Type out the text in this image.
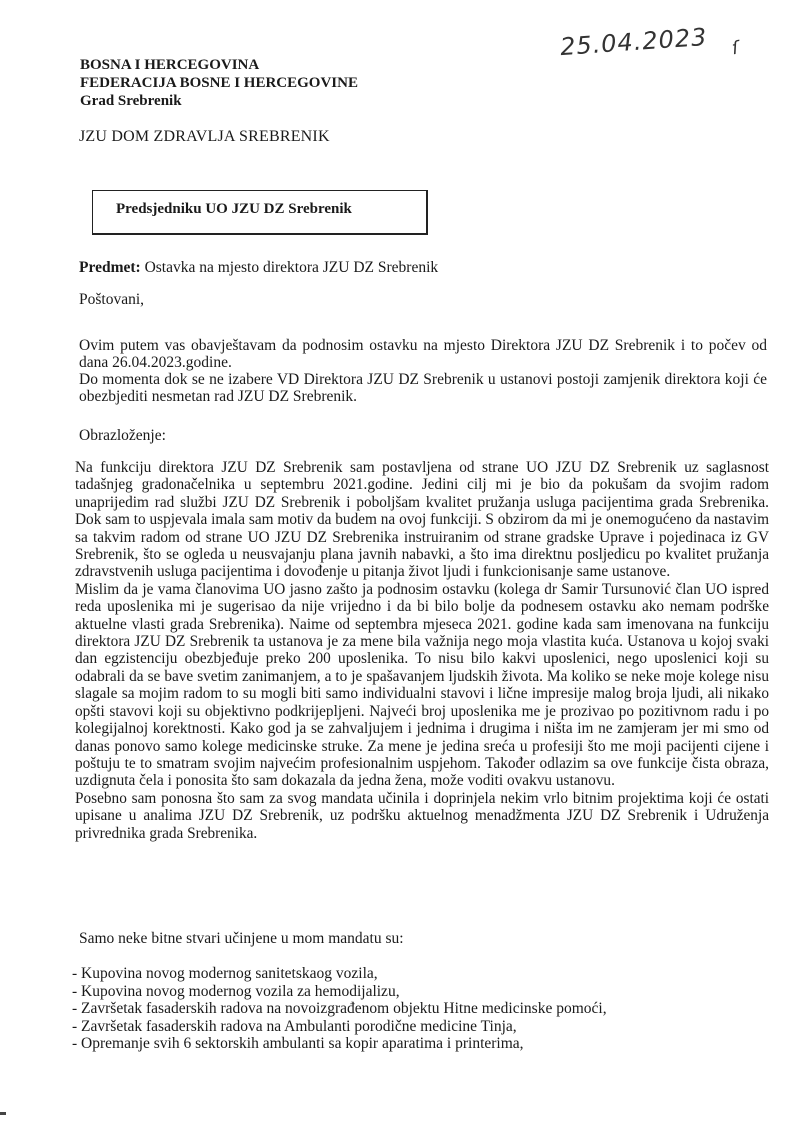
25.04.2023 ſ
BOSNA I HERCEGOVINA
FEDERACIJA BOSNE I HERCEGOVINE
Grad Srebrenik
JZU DOM ZDRAVLJA SREBRENIK
Predsjedniku UO JZU DZ Srebrenik
Predmet: Ostavka na mjesto direktora JZU DZ Srebrenik
Poštovani,

Ovim putem vas obavještavam da podnosim ostavku na mjesto Direktora JZU DZ Srebrenik i to počev od dana 26.04.2023.godine.

Do momenta dok se ne izabere VD Direktora JZU DZ Srebrenik u ustanovi postoji zamjenik direktora koji će obezbjediti nesmetan rad JZU DZ Srebrenik.

Obrazloženje:

Na funkciju direktora JZU DZ Srebrenik sam postavljena od strane UO JZU DZ Srebrenik uz saglasnost tadašnjeg gradonačelnika u septembru 2021.godine. Jedini cilj mi je bio da pokušam da svojim radom unaprijedim rad službi JZU DZ Srebrenik i poboljšam kvalitet pružanja usluga pacijentima grada Srebrenika. Dok sam to uspjevala imala sam motiv da budem na ovoj funkciji. S obzirom da mi je onemogućeno da nastavim sa takvim radom od strane UO JZU DZ Srebrenika instruiranim od strane gradske Uprave i pojedinaca iz GV Srebrenik, što se ogleda u neusvajanju plana javnih nabavki, a što ima direktnu posljedicu po kvalitet pružanja zdravstvenih usluga pacijentima i dovođenje u pitanja život ljudi i funkcionisanje same ustanove.

Mislim da je vama članovima UO jasno zašto ja podnosim ostavku (kolega dr Samir Tursunović član UO ispred reda uposlenika mi je sugerisao da nije vrijedno i da bi bilo bolje da podnesem ostavku ako nemam podrške aktuelne vlasti grada Srebrenika). Naime od septembra mjeseca 2021. godine kada sam imenovana na funkciju direktora JZU DZ Srebrenik ta ustanova je za mene bila važnija nego moja vlastita kuća. Ustanova u kojoj svaki dan egzistenciju obezbjeđuje preko 200 uposlenika. To nisu bilo kakvi uposlenici, nego uposlenici koji su odabrali da se bave svetim zanimanjem, a to je spašavanjem ljudskih života. Ma koliko se neke moje kolege nisu slagale sa mojim radom to su mogli biti samo individualni stavovi i lične impresije malog broja ljudi, ali nikako opšti stavovi koji su objektivno podkrijepljeni. Najveći broj uposlenika me je prozivao po pozitivnom radu i po kolegijalnoj korektnosti. Kako god ja se zahvaljujem i jednima i drugima i ništa im ne zamjeram jer mi smo od danas ponovo samo kolege medicinske struke. Za mene je jedina sreća u profesiji što me moji pacijenti cijene i poštuju te to smatram svojim najvećim profesionalnim uspjehom. Također odlazim sa ove funkcije čista obraza, uzdignuta čela i ponosita što sam dokazala da jedna žena, može voditi ovakvu ustanovu.

Posebno sam ponosna što sam za svog mandata učinila i doprinjela nekim vrlo bitnim projektima koji će ostati upisane u analima JZU DZ Srebrenik, uz podršku aktuelnog menadžmenta JZU DZ Srebrenik i Udruženja privrednika grada Srebrenika.

Samo neke bitne stvari učinjene u mom mandatu su:
- Kupovina novog modernog sanitetskaog vozila,
- Kupovina novog modernog vozila za hemodijalizu,
- Završetak fasaderskih radova na novoizgrađenom objektu Hitne medicinske pomoći,
- Završetak fasaderskih radova na Ambulanti porodične medicine Tinja,
- Opremanje svih 6 sektorskih ambulanti sa kopir aparatima i printerima,
